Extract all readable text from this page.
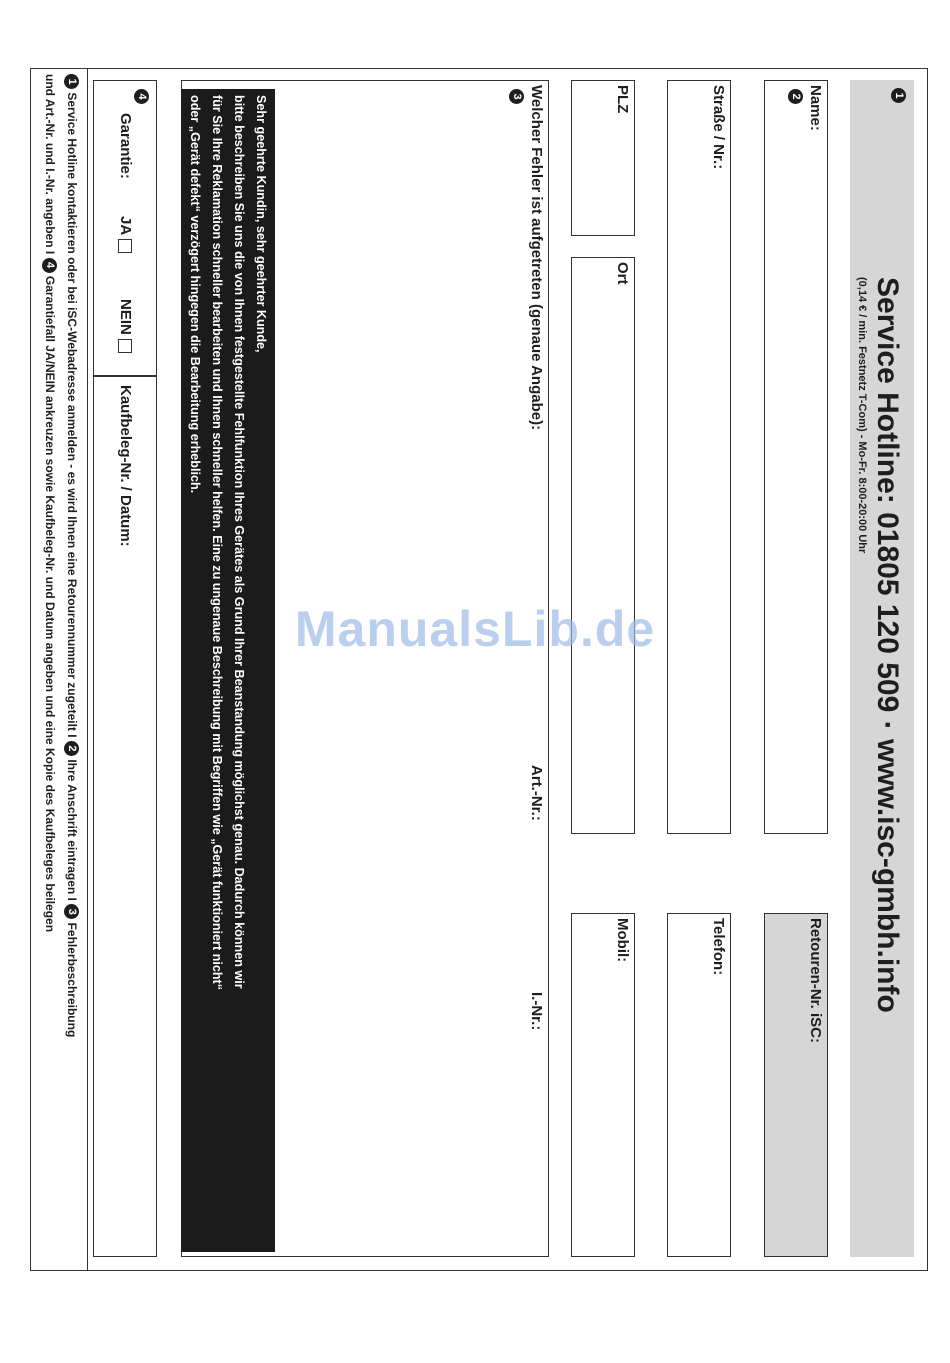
1
Service Hotline: 01805 120 509 · www.isc-gmbh.info
(0,14 € / min. Festnetz T-Com) - Mo-Fr. 8:00-20:00 Uhr
Name:
2
Retouren-Nr. iSC:
Straße / Nr.:
Telefon:
PLZ
Ort
Mobil:
Welcher Fehler ist aufgetreten (genaue Angabe):
3
Art.-Nr.:
I.-Nr.:
Sehr geehrte Kundin, sehr geehrter Kunde,
bitte beschreiben Sie uns die von Ihnen festgestellte Fehlfunktion Ihres Gerätes als Grund Ihrer Beanstandung möglichst genau. Dadurch können wir
für Sie Ihre Reklamation schneller bearbeiten und Ihnen schneller helfen. Eine zu ungenaue Beschreibung mit Begriffen wie „Gerät funktioniert nicht“
oder „Gerät defekt“ verzögert hingegen die Bearbeitung erheblich.
4
Garantie:
JA
NEIN
Kaufbeleg-Nr. / Datum:
1 Service Hotline kontaktieren oder bei iSC-Webadresse anmelden - es wird Ihnen eine Retourennummer zugeteilt I 2 Ihre Anschrift eintragen I 3 Fehlerbeschreibung
und Art.-Nr. und I.-Nr. angeben I 4 Garantiefall JA/NEIN ankreuzen sowie Kaufbeleg-Nr. und Datum angeben und eine Kopie des Kaufbeleges beilegen	ManualsLib.de
